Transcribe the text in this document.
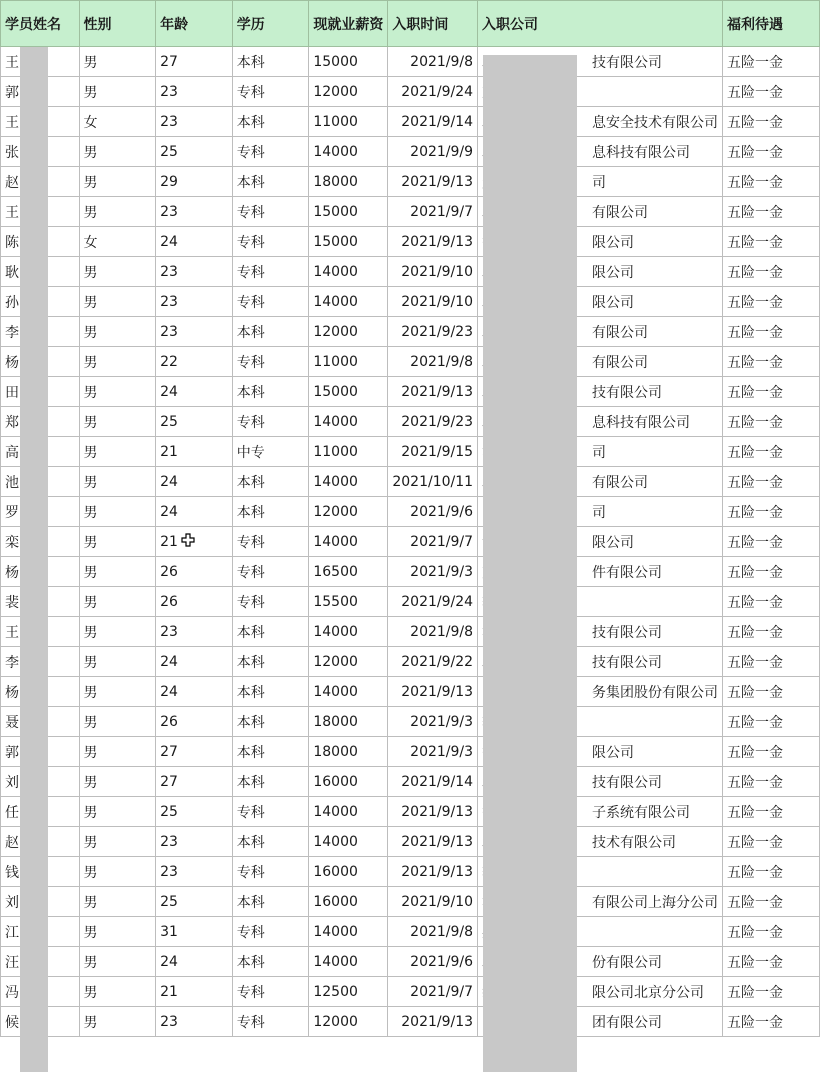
学员姓名	性别	年龄	学历	现就业薪资	入职时间	入职公司	福利待遇
王	男	27	本科	15000	2021/9/8	技有限公司	五险一金
郭	男	23	专科	12000	2021/9/24		五险一金
王	女	23	本科	11000	2021/9/14	息安全技术有限公司	五险一金
张	男	25	专科	14000	2021/9/9	息科技有限公司	五险一金
赵	男	29	本科	18000	2021/9/13	司	五险一金
王	男	23	专科	15000	2021/9/7	有限公司	五险一金
陈	女	24	专科	15000	2021/9/13	限公司	五险一金
耿	男	23	专科	14000	2021/9/10	限公司	五险一金
孙	男	23	专科	14000	2021/9/10	限公司	五险一金
李	男	23	本科	12000	2021/9/23	有限公司	五险一金
杨	男	22	专科	11000	2021/9/8	有限公司	五险一金
田	男	24	本科	15000	2021/9/13	技有限公司	五险一金
郑	男	25	专科	14000	2021/9/23	息科技有限公司	五险一金
高	男	21	中专	11000	2021/9/15	司	五险一金
池	男	24	本科	14000	2021/10/11	有限公司	五险一金
罗	男	24	本科	12000	2021/9/6	司	五险一金
栾	男	21	专科	14000	2021/9/7	限公司	五险一金
杨	男	26	专科	16500	2021/9/3	件有限公司	五险一金
裴	男	26	专科	15500	2021/9/24		五险一金
王	男	23	本科	14000	2021/9/8	技有限公司	五险一金
李	男	24	本科	12000	2021/9/22	技有限公司	五险一金
杨	男	24	本科	14000	2021/9/13	务集团股份有限公司	五险一金
聂	男	26	本科	18000	2021/9/3		五险一金
郭	男	27	本科	18000	2021/9/3	限公司	五险一金
刘	男	27	本科	16000	2021/9/14	技有限公司	五险一金
任	男	25	专科	14000	2021/9/13	子系统有限公司	五险一金
赵	男	23	本科	14000	2021/9/13	技术有限公司	五险一金
钱	男	23	专科	16000	2021/9/13		五险一金
刘	男	25	本科	16000	2021/9/10	有限公司上海分公司	五险一金
江	男	31	专科	14000	2021/9/8		五险一金
汪	男	24	本科	14000	2021/9/6	份有限公司	五险一金
冯	男	21	专科	12500	2021/9/7	限公司北京分公司	五险一金
候	男	23	专科	12000	2021/9/13	团有限公司	五险一金
